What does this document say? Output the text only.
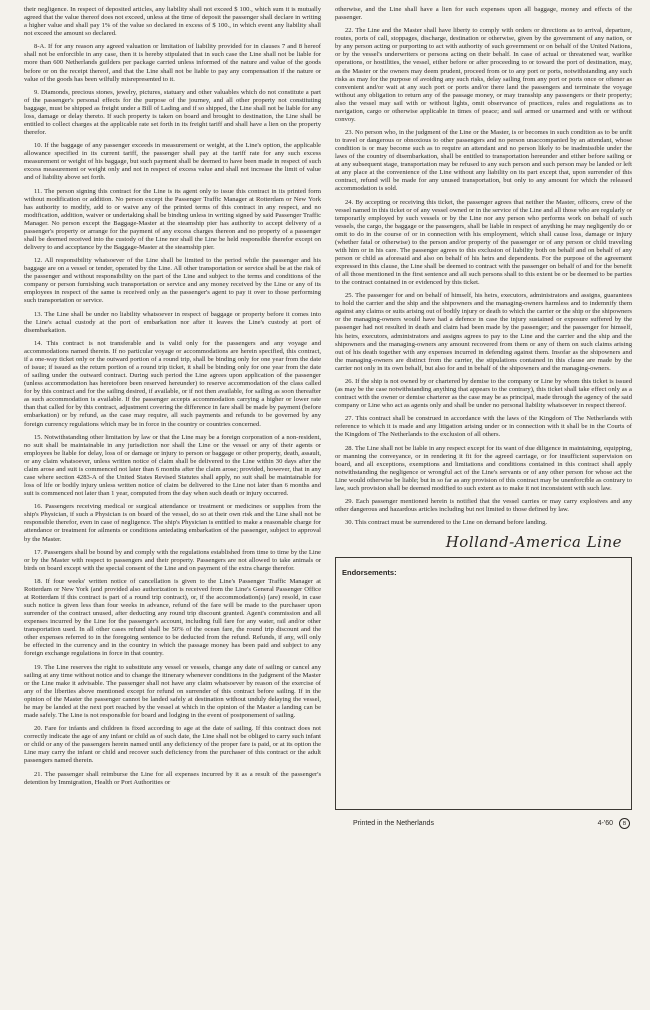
their negligence. In respect of deposited articles, any liability shall not exceed $ 100., which sum it is mutually agreed that the value thereof does not exceed, unless at the time of deposit the passenger shall declare in writing a higher value and shall pay 1% of the value so declared in excess of $ 100., in which event any liability shall not exceed the amount so declared.

8-A. If for any reason any agreed valuation or limitation of liability provided for in clauses 7 and 8 hereof shall not be enforcible in any case, then it is hereby stipulated that in such case the Line shall not be liable for more than 600 Netherlands guilders per package carried unless informed of the nature and value of the goods before or on the receipt thereof, and that the Line shall not be liable to pay any compensation if the nature or value of the goods has been wilfully misrepresented to it.

9. Diamonds, precious stones, jewelry, pictures, statuary and other valuables which do not constitute a part of the passenger's personal effects for the purpose of the journey, and all other property not constituting baggage, must be shipped as freight under a Bill of Lading and if so shipped, the Line shall not be liable for any loss, damage or delay thereto. If such property is taken on board and brought to destination, the Line shall be entitled to collect charges at the applicable rate set forth in its freight tariff and shall have a lien on the property therefor.

10. If the baggage of any passenger exceeds in measurement or weight, at the Line's option, the applicable allowance specified in its current tariff, the passenger shall pay at the tariff rate for any such excess measurement or weight of his baggage, but such payment shall be deemed to have been made in respect of such excess measurement or weight only and not in respect of excess value and shall not increase the limit of value and of liability above set forth.

11. The person signing this contract for the Line is its agent only to issue this contract in its printed form without modification or addition. No person except the Passenger Traffic Manager at Rotterdam or New York has authority to modify, add to or waive any of the printed terms of this contract in any respect, and no modification, addition, waiver or undertaking shall be binding unless in writing signed by said Passenger Traffic Manager. No person except the Baggage-Master at the steamship pier has authority to accept delivery of a passenger's property or arrange for the payment of any excess charges thereon and no property of a passenger shall be deemed received into the custody of the Line nor shall the Line be held responsible therefor except on delivery to and acceptance by the Baggage-Master at the steamship pier.

12. All responsibility whatsoever of the Line shall be limited to the period while the passenger and his baggage are on a vessel or tender, operated by the Line. All other transportation or service shall be at the risk of the passenger and without responsibility on the part of the Line and subject to the terms and conditions of the company or person furnishing such transportation or service and any money received by the Line or any of its employees in respect of the same is received only as the passenger's agent to pay it over to those performing such transportation or service.

13. The Line shall be under no liability whatsoever in respect of baggage or property before it comes into the Line's actual custody at the port of embarkation nor after it leaves the Line's custody at port of disembarkation.

14. This contract is not transferable and is valid only for the passengers and any voyage and accommodations named therein. If no particular voyage or accommodations are herein specified, this contract, if a one-way ticket only or the outward portion of a round trip, shall be binding only for one year from the date of issue; if issued as the return portion of a round trip ticket, it shall be binding only for one year from the date of sailing under the outward contract. During such period the Line agrees upon application of the passenger (unless accommodation has heretofore been reserved hereunder) to reserve accommodation of the class called for by this contract and for the sailing desired, if available, or if not then available, for sailing as soon thereafter as such accommodation is available. If the passenger accepts accommodation carrying a higher or lower rate than that called for by this contract, adjustment covering the difference in fare shall be made by payment (before embarkation) or by refund, as the case may require, all such payments and refunds to be governed by any foreign currency regulations which may be in force in the country or countries concerned.

15. Notwithstanding other limitation by law or that the Line may be a foreign corporation of a non-resident, no suit shall be maintainable in any jurisdiction nor shall the Line or the vessel or any of their agents or employees be liable for delay, loss of or damage or injury to person or baggage or other property, death, assault, or any claim whatsoever, unless written notice of claim shall be delivered to the Line within 30 days after the claim arose and suit is commenced not later than 6 months after the claim arose; provided, however, that in any case where section 4283-A of the United States Revised Statutes shall apply, no suit shall be maintainable for loss of life or bodily injury unless written notice of claim be delivered to the Line not later than 6 months and suit is commenced not later than 1 year, computed from the day when such death or injury occurred.

16. Passengers receiving medical or surgical attendance or treatment or medicines or supplies from the ship's Physician, if such a Physician is on board of the vessel, do so at their own risk and the Line shall not be responsible therefor, even in case of negligence. The ship's Physician is entitled to make a reasonable charge for attendance or treatment for ailments or conditions antedating embarkation of the passenger, subject to approval by the Master.

17. Passengers shall be bound by and comply with the regulations established from time to time by the Line or by the Master with respect to passengers and their property. Passengers are not allowed to take animals or birds on board except with the special consent of the Line and on payment of the extra charge therefor.

18. If four weeks' written notice of cancellation is given to the Line's Passenger Traffic Manager at Rotterdam or New York (and provided also authorization is received from the Line's General Passenger Office at Rotterdam if this contract is part of a round trip contract), or, if the accommodation(s) (are) resold, in case such notice is given less than four weeks in advance, refund of the fare will be made to the purchaser upon surrender of the contract unused, after deducting any round trip discount granted. Agent's commission and all expenses incurred by the Line for the passenger's account, including full fare for any water, rail and/or other transportation used. In all other cases refund shall be 50% of the ocean fare, the round trip discount and the other expenses referred to in the foregoing sentence to be deducted from the refund. Refunds, if any, will only be effected in the currency and in the country in which the passage money has been paid and subject to any foreign exchange regulations in force in that country.

19. The Line reserves the right to substitute any vessel or vessels, change any date of sailing or cancel any sailing at any time without notice and to change the itinerary whenever conditions in the judgment of the Master or the Line make it advisable. The passenger shall not have any claim whatsoever by reason of the exercise of any of the liberties above mentioned except for refund on surrender of this contract before sailing. If in the opinion of the Master the passenger cannot be landed safely at destination without unduly delaying the vessel, he may be landed at the next port reached by the vessel at which in the opinion of the Master a landing can be made safely. The Line is not responsible for board and lodging in the event of postponement of sailing.

20. Fare for infants and children is fixed according to age at the date of sailing. If this contract does not correctly indicate the age of any infant or child as of such date, the Line shall not be obliged to carry such infant or child or any of the passengers herein named until any deficiency of the proper fare is paid, or at its option the Line may carry the infant or child and recover such deficiency from the purchaser of this contract or the adult passengers named therein.

21. The passenger shall reimburse the Line for all expenses incurred by it as a result of the passenger's detention by Immigration, Health or Port Authorities or

otherwise, and the Line shall have a lien for such expenses upon all baggage, money and effects of the passenger.

22. The Line and the Master shall have liberty to comply with orders or directions as to arrival, departure, routes, ports of call, stoppages, discharge, destination or otherwise, given by the government of any nation, or by any person acting or purporting to act with authority of such government or on behalf of the United Nations, or by the vessel's underwriters or persons acting on their behalf. In case of actual or threatened war, warlike operations, or hostilities, the vessel, either before or after proceeding to or toward the port of destination, may, as the Master or the owners may deem prudent, proceed from or to any port or ports, notwithstanding any such risks as may for the purpose of avoiding any such risks, delay sailing from any port or ports once or oftener as convenient and/or wait at any such port or ports and/or there land the passengers and terminate the voyage without any obligation to return any of the passage money, or may transship any passengers or their property; also the vessel may sail with or without lights, omit observance of practices, rules and regulations as to navigation, cargo or otherwise applicable in times of peace; and sail armed or unarmed and with or without convoy.

23. No person who, in the judgment of the Line or the Master, is or becomes in such condition as to be unfit to travel or dangerous or obnoxious to other passengers and no person unaccompanied by an attendant, whose condition is or may become such as to require an attendant and no person likely to be inadmissible under the laws of the country of disembarkation, shall be entitled to transportation hereunder and either before sailing or at any subsequent stage, transportation may be refused to any such person and such person may be landed or left at any place at the convenience of the Line without any liability on its part except that, upon surrender of this contract, refund will be made for any unused transportation, but only to any amount for which the released accommodation is sold.

24. By accepting or receiving this ticket, the passenger agrees that neither the Master, officers, crew of the vessel named in this ticket or of any vessel owned or in the service of the Line and all those who are regularly or temporarily employed by such vessels or by the Line nor any person who performs work on behalf of such vessels, the cargo, the baggage or the passengers, shall be liable in respect of anything he may negligently do or omit to do in the course of or in connection with his employment, which shall cause loss, damage or injury (whether fatal or otherwise) to the person and/or property of the passenger or of any person or child traveling with him or in his care. The passenger agrees to this exclusion of liability both on behalf and on behalf of any person or child as aforesaid and also on behalf of his heirs and dependents. For the purpose of the agreement expressed in this clause, the Line shall be deemed to contract with the passenger on behalf of and for the benefit of all those mentioned in the first sentence and all such persons shall to this extent be or be deemed to be parties to the contract contained in or evidenced by this ticket.

25. The passenger for and on behalf of himself, his heirs, executors, administrators and assigns, guarantees to hold the carrier and the ship and the shipowners and the managing-owners harmless and to indemnify them against any claims or suits arising out of bodily injury or death to which the carrier or the ship or the shipowners or the managing-owners would have had a defence in case the injury sustained or exposure suffered by the passenger had not resulted in death and claim had been made by the passenger; and the passenger for himself, his heirs, executors, administrators and assigns agrees to pay to the Line and the carrier and the ship and the shipowners and the managing-owners any amount recovered from them or any of them on such claims arising out of his death together with any expenses incurred in defending against them. Insofar as the shipowners and the managing-owners are distinct from the carrier, the stipulations contained in this clause are made by the carrier not only in its own behalf, but also for and in behalf of the shipowners and the managing-owners.

26. If the ship is not owned by or chartered by demise to the company or Line by whom this ticket is issued (as may be the case notwithstanding anything that appears to the contrary), this ticket shall take effect only as a contract with the owner or demise charterer as the case may be as principal, made through the agency of the said company or Line who act as agents only and shall be under no personal liability whatsoever in respect thereof.

27. This contract shall be construed in accordance with the laws of the Kingdom of The Netherlands with reference to which it is made and any litigation arising under or in connection with it shall be in the Courts of the Kingdom of The Netherlands to the exclusion of all others.

28. The Line shall not be liable in any respect except for its want of due diligence in maintaining, equipping, or manning the conveyance, or in rendering it fit for the agreed carriage, or for insufficient supervision on board, and all exceptions, exemptions and limitations and conditions contained in this contract shall apply notwithstanding the negligence or wrongful act of the Line's servants or of any other person for whose act the Line would otherwise be liable; but in so far as any provision of this contract may be unenforcible as contrary to law, such provision shall be deemed modified to such extent as to make it not inconsistent with such law.

29. Each passenger mentioned herein is notified that the vessel carries or may carry explosives and any other dangerous and hazardous articles including but not limited to those defined by law.

30. This contract must be surrendered to the Line on demand before landing.

Holland-America Line
Endorsements:
Printed in the Netherlands	4-'60	B
